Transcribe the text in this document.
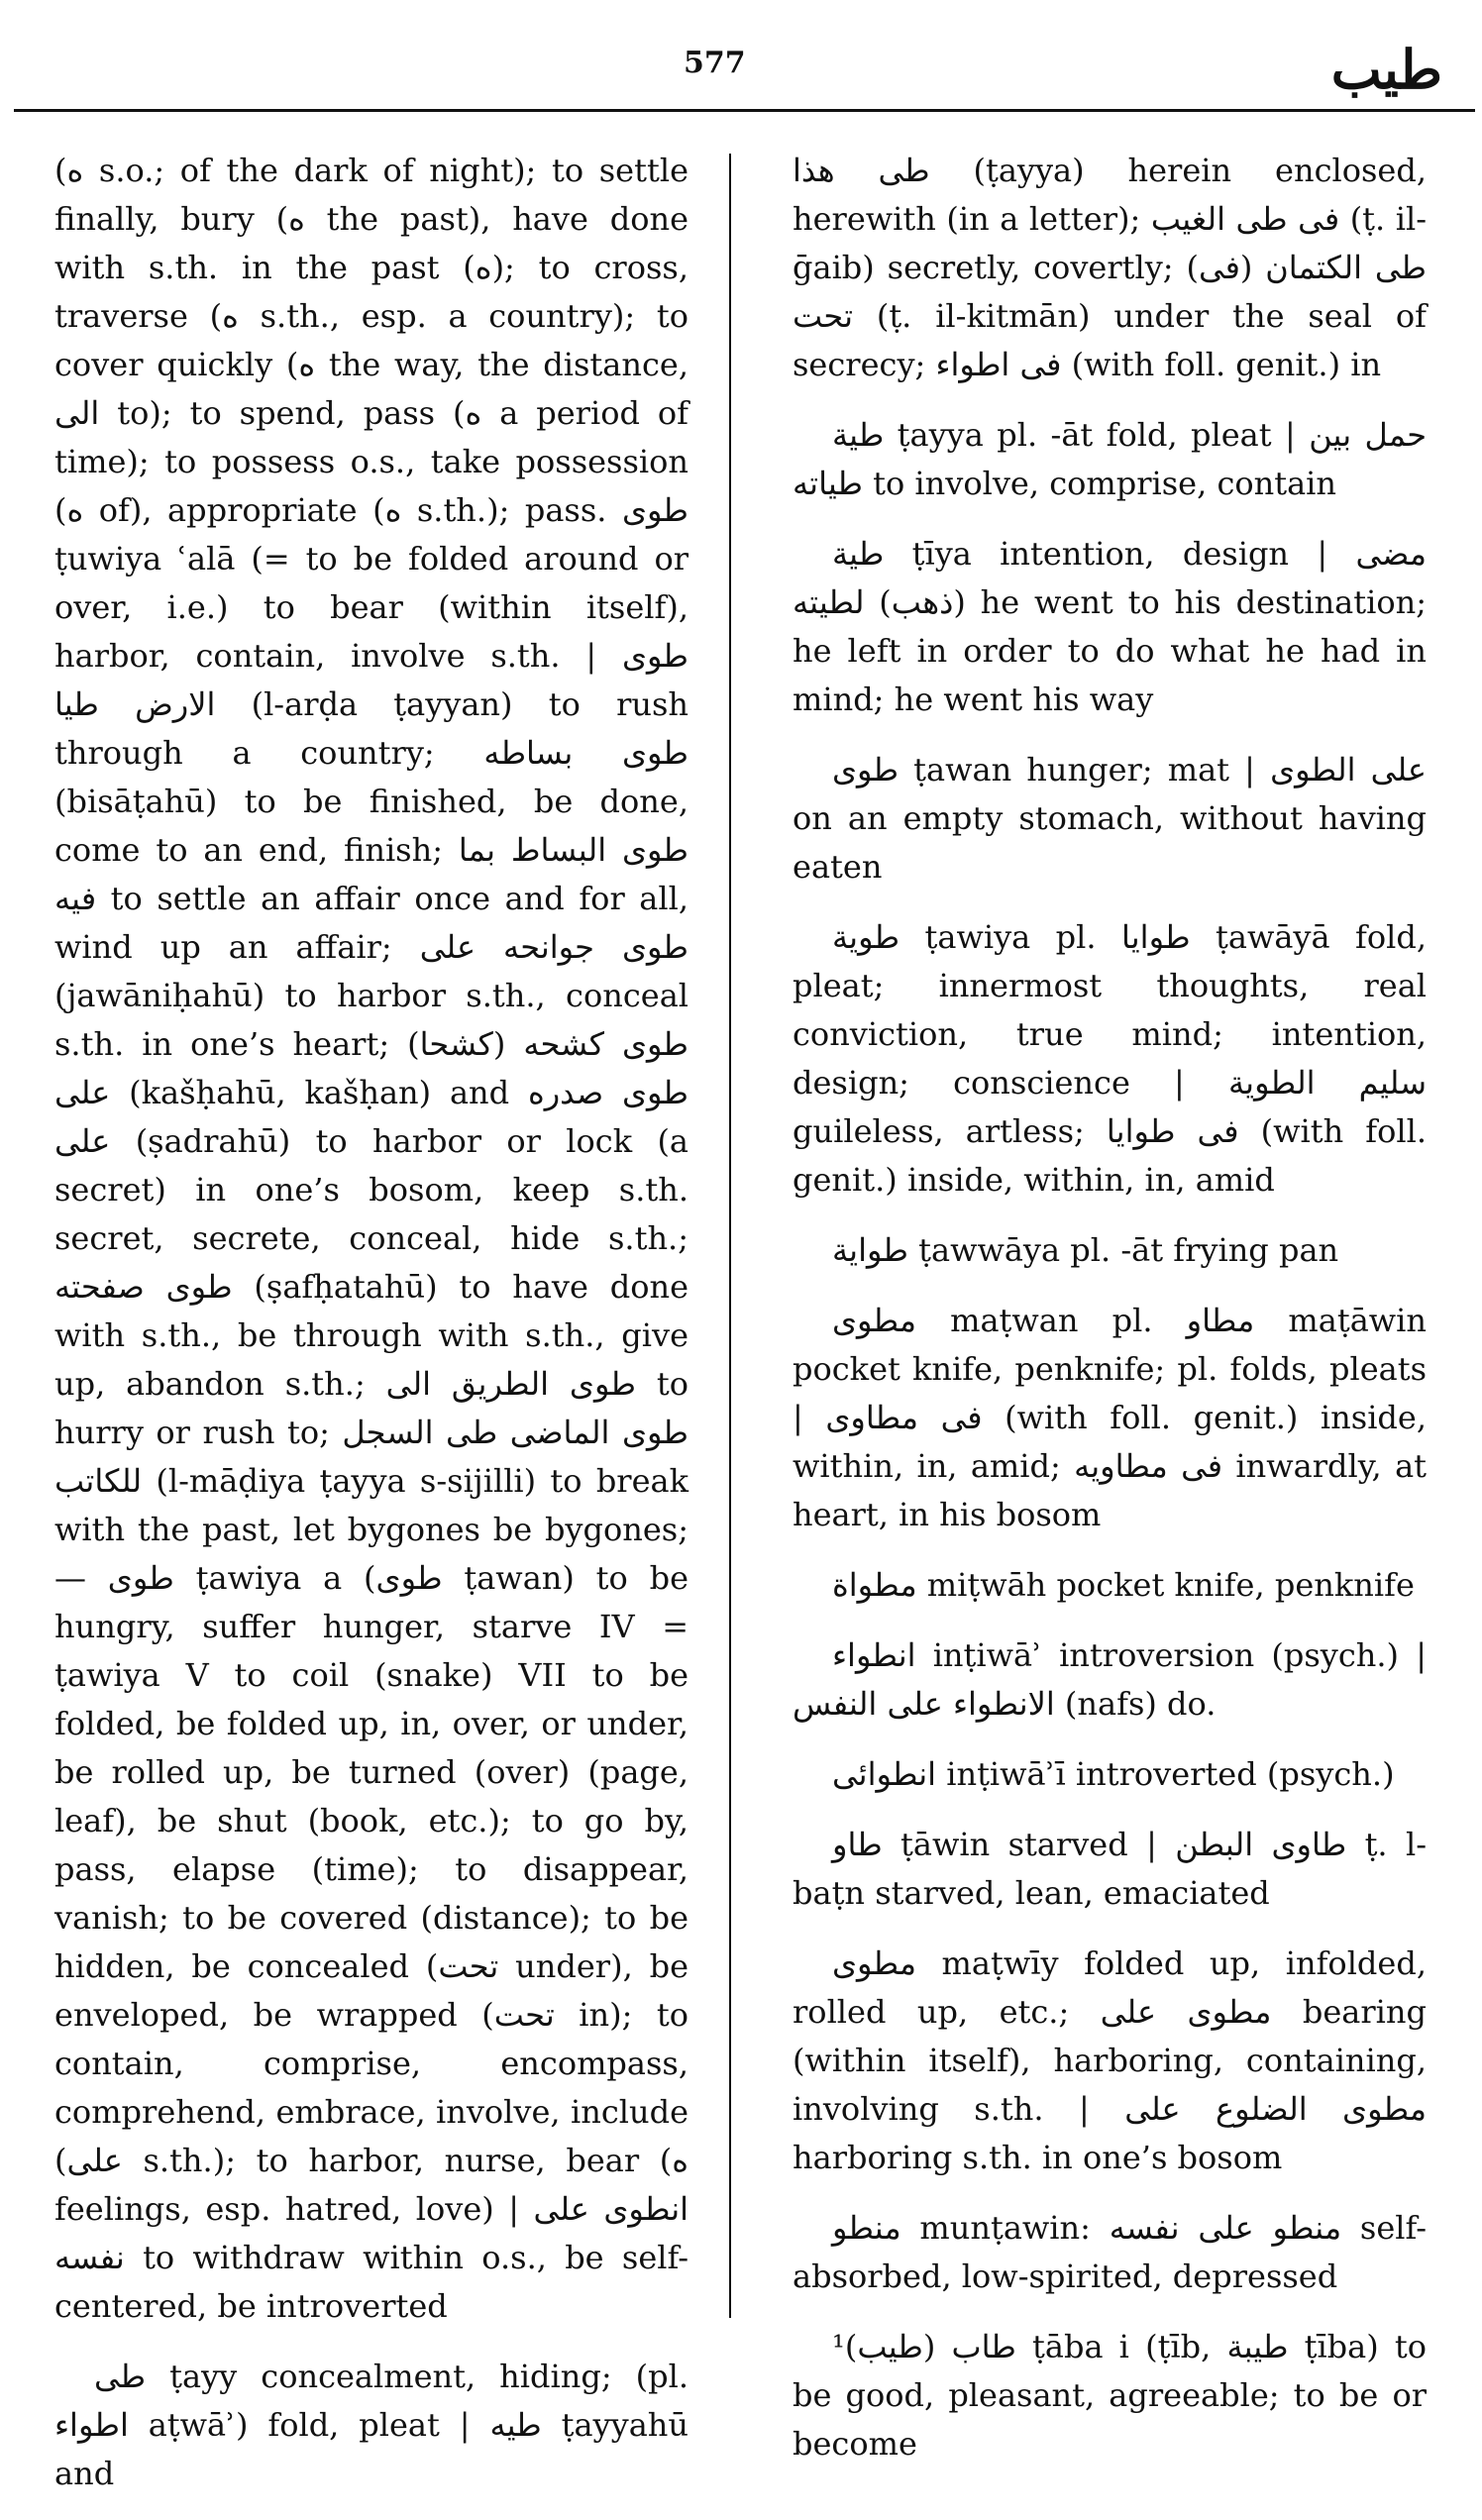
577	طيب

(ه s.o.; of the dark of night); to settle finally, bury (ه the past), have done with s.th. in the past (ه); to cross, traverse (ه s.th., esp. a country); to cover quickly (ه the way, the distance, الى to); to spend, pass (ه a period of time); to possess o.s., take possession (ه of), appropriate (ه s.th.); pass. طوى ṭuwiya ʿalā (= to be folded around or over, i.e.) to bear (within itself), harbor, contain, involve s.th. | طوى الارض طيا (l-arḍa ṭayyan) to rush through a country; طوى بساطه (bisāṭahū) to be finished, be done, come to an end, finish; طوى البساط بما فيه to settle an affair once and for all, wind up an affair; طوى جوانحه على (jawāniḥahū) to harbor s.th., conceal s.th. in one’s heart; طوى كشحه (كشحا) على (kašḥahū, kašḥan) and طوى صدره على (ṣadrahū) to harbor or lock (a secret) in one’s bosom, keep s.th. secret, secrete, conceal, hide s.th.; طوى صفحته (ṣafḥatahū) to have done with s.th., be through with s.th., give up, abandon s.th.; طوى الطريق الى to hurry or rush to; طوى الماضى طى السجل للكاتب (l-māḍiya ṭayya s-sijilli) to break with the past, let bygones be bygones; — طوى ṭawiya a (طوى ṭawan) to be hungry, suffer hunger, starve IV = ṭawiya V to coil (snake) VII to be folded, be folded up, in, over, or under, be rolled up, be turned (over) (page, leaf), be shut (book, etc.); to go by, pass, elapse (time); to disappear, vanish; to be covered (distance); to be hidden, be concealed (تحت under), be enveloped, be wrapped (تحت in); to contain, comprise, encompass, comprehend, embrace, involve, include (على s.th.); to harbor, nurse, bear (ه feelings, esp. hatred, love) | انطوى على نفسه to withdraw within o.s., be self-centered, be introverted

طى ṭayy concealment, hiding; (pl. اطواء aṭwāʾ) fold, pleat | طيه ṭayyahū and

طى هذا (ṭayya) herein enclosed, herewith (in a letter); فى طى الغيب (ṭ. il-ḡaib) secretly, covertly; (فى) طى الكتمان تحت (ṭ. il-kitmān) under the seal of secrecy; فى اطواء (with foll. genit.) in

طية ṭayya pl. -āt fold, pleat | حمل بين طياته to involve, comprise, contain

طية ṭīya intention, design | مضى (ذهب) لطيته he went to his destination; he left in order to do what he had in mind; he went his way

طوى ṭawan hunger; mat | على الطوى on an empty stomach, without having eaten

طوية ṭawiya pl. طوايا ṭawāyā fold, pleat; innermost thoughts, real conviction, true mind; intention, design; conscience | سليم الطوية guileless, artless; فى طوايا (with foll. genit.) inside, within, in, amid

طواية ṭawwāya pl. -āt frying pan

مطوى maṭwan pl. مطاو maṭāwin pocket knife, penknife; pl. folds, pleats | فى مطاوى (with foll. genit.) inside, within, in, amid; فى مطاويه inwardly, at heart, in his bosom

مطواة miṭwāh pocket knife, penknife

انطواء inṭiwāʾ introversion (psych.) | الانطواء على النفس (nafs) do.

انطوائى inṭiwāʾī introverted (psych.)

طاو ṭāwin starved | طاوى البطن ṭ. l-baṭn starved, lean, emaciated

مطوى maṭwīy folded up, infolded, rolled up, etc.; مطوى على bearing (within itself), harboring, containing, involving s.th. | مطوى الضلوع على harboring s.th. in one’s bosom

منطو munṭawin: منطو على نفسه self-absorbed, low-spirited, depressed

¹(طيب) طاب ṭāba i (ṭīb, طيبة ṭība) to be good, pleasant, agreeable; to be or become
